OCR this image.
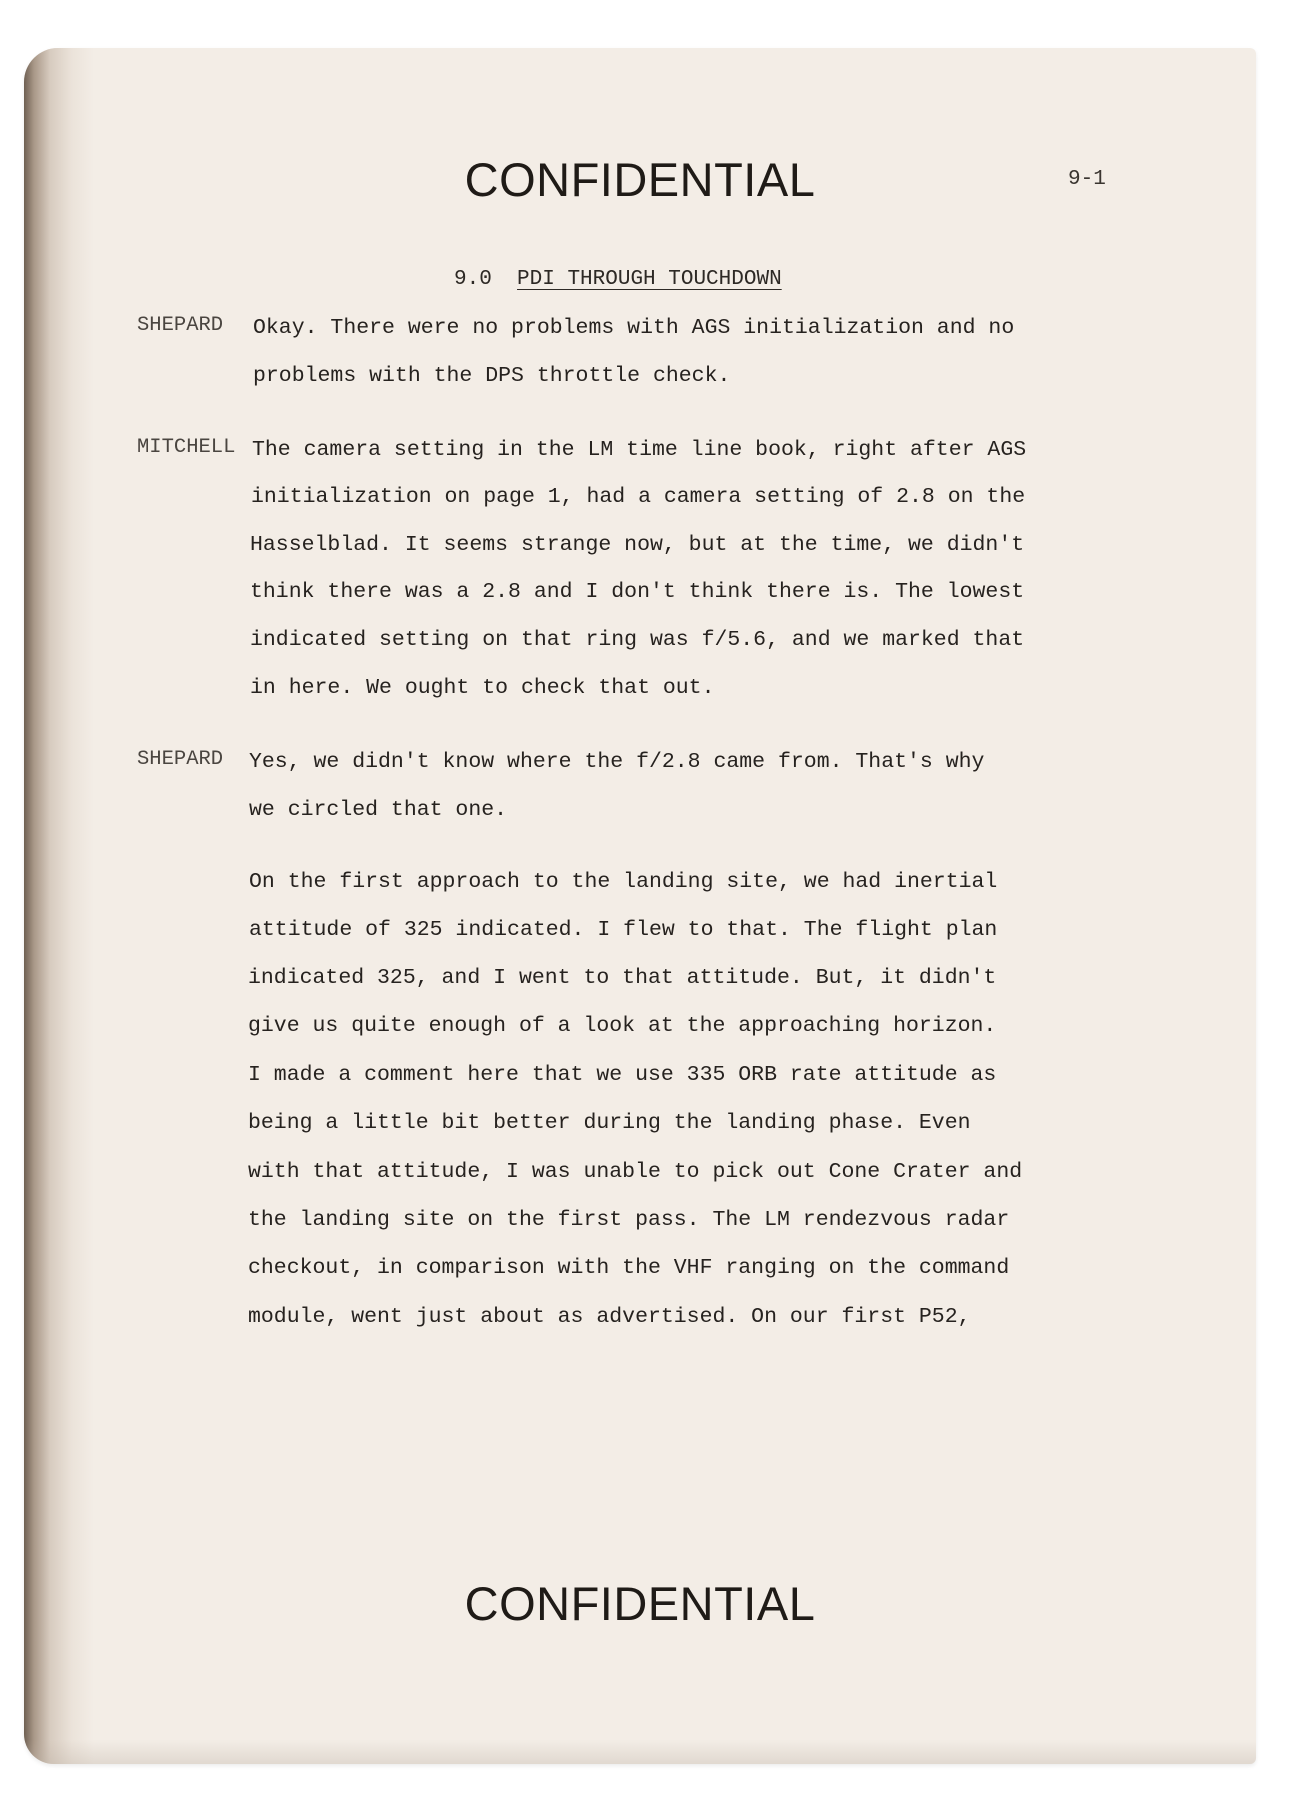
CONFIDENTIAL	9-1
9.0 PDI THROUGH TOUCHDOWN
SHEPARD Okay. There were no problems with AGS initialization and no
problems with the DPS throttle check.
MITCHELL The camera setting in the LM time line book, right after AGS
initialization on page 1, had a camera setting of 2.8 on the
Hasselblad. It seems strange now, but at the time, we didn't
think there was a 2.8 and I don't think there is. The lowest
indicated setting on that ring was f/5.6, and we marked that
in here. We ought to check that out.
SHEPARD Yes, we didn't know where the f/2.8 came from. That's why
we circled that one.
On the first approach to the landing site, we had inertial
attitude of 325 indicated. I flew to that. The flight plan
indicated 325, and I went to that attitude. But, it didn't
give us quite enough of a look at the approaching horizon.
I made a comment here that we use 335 ORB rate attitude as
being a little bit better during the landing phase. Even
with that attitude, I was unable to pick out Cone Crater and
the landing site on the first pass. The LM rendezvous radar
checkout, in comparison with the VHF ranging on the command
module, went just about as advertised. On our first P52,
CONFIDENTIAL
